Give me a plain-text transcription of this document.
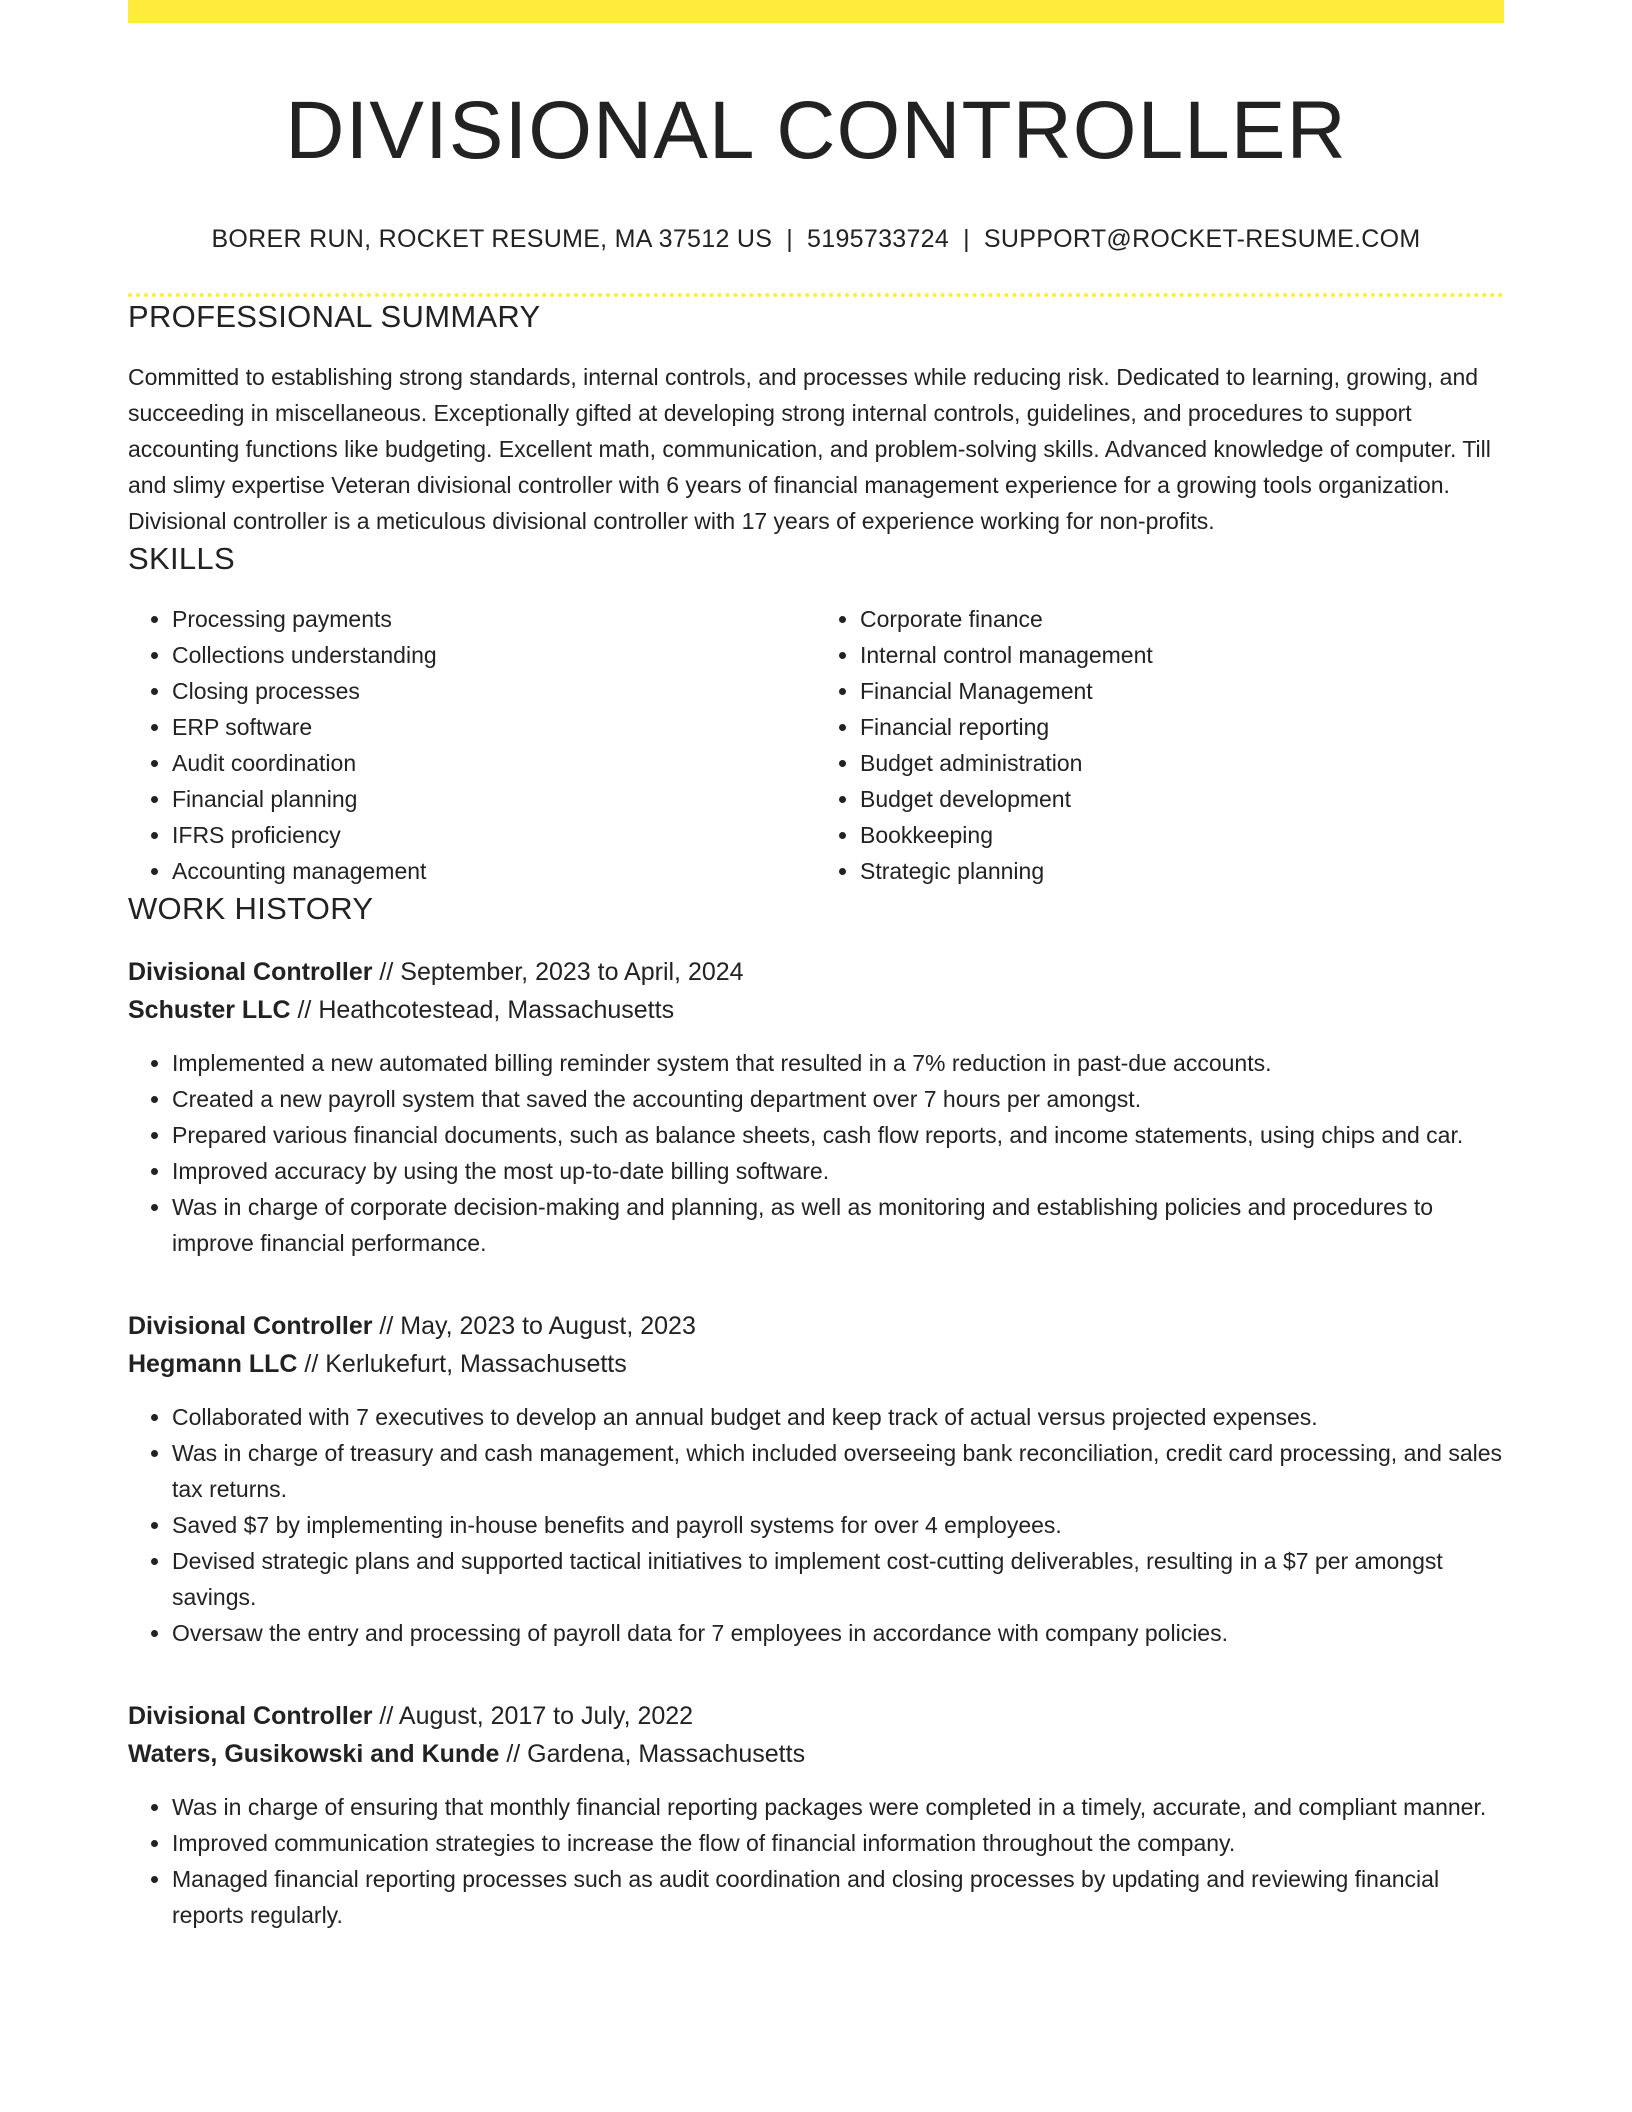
DIVISIONAL CONTROLLER
BORER RUN, ROCKET RESUME, MA 37512 US | 5195733724 | SUPPORT@ROCKET-RESUME.COM
PROFESSIONAL SUMMARY
Committed to establishing strong standards, internal controls, and processes while reducing risk. Dedicated to learning, growing, and succeeding in miscellaneous. Exceptionally gifted at developing strong internal controls, guidelines, and procedures to support accounting functions like budgeting. Excellent math, communication, and problem-solving skills. Advanced knowledge of computer. Till and slimy expertise Veteran divisional controller with 6 years of financial management experience for a growing tools organization. Divisional controller is a meticulous divisional controller with 17 years of experience working for non-profits.
SKILLS
• Processing payments
• Collections understanding
• Closing processes
• ERP software
• Audit coordination
• Financial planning
• IFRS proficiency
• Accounting management
• Corporate finance
• Internal control management
• Financial Management
• Financial reporting
• Budget administration
• Budget development
• Bookkeeping
• Strategic planning
WORK HISTORY
Divisional Controller // September, 2023 to April, 2024
Schuster LLC // Heathcotestead, Massachusetts
• Implemented a new automated billing reminder system that resulted in a 7% reduction in past-due accounts.
• Created a new payroll system that saved the accounting department over 7 hours per amongst.
• Prepared various financial documents, such as balance sheets, cash flow reports, and income statements, using chips and car.
• Improved accuracy by using the most up-to-date billing software.
• Was in charge of corporate decision-making and planning, as well as monitoring and establishing policies and procedures to improve financial performance.
Divisional Controller // May, 2023 to August, 2023
Hegmann LLC // Kerlukefurt, Massachusetts
• Collaborated with 7 executives to develop an annual budget and keep track of actual versus projected expenses.
• Was in charge of treasury and cash management, which included overseeing bank reconciliation, credit card processing, and sales tax returns.
• Saved $7 by implementing in-house benefits and payroll systems for over 4 employees.
• Devised strategic plans and supported tactical initiatives to implement cost-cutting deliverables, resulting in a $7 per amongst savings.
• Oversaw the entry and processing of payroll data for 7 employees in accordance with company policies.
Divisional Controller // August, 2017 to July, 2022
Waters, Gusikowski and Kunde // Gardena, Massachusetts
• Was in charge of ensuring that monthly financial reporting packages were completed in a timely, accurate, and compliant manner.
• Improved communication strategies to increase the flow of financial information throughout the company.
• Managed financial reporting processes such as audit coordination and closing processes by updating and reviewing financial reports regularly.
